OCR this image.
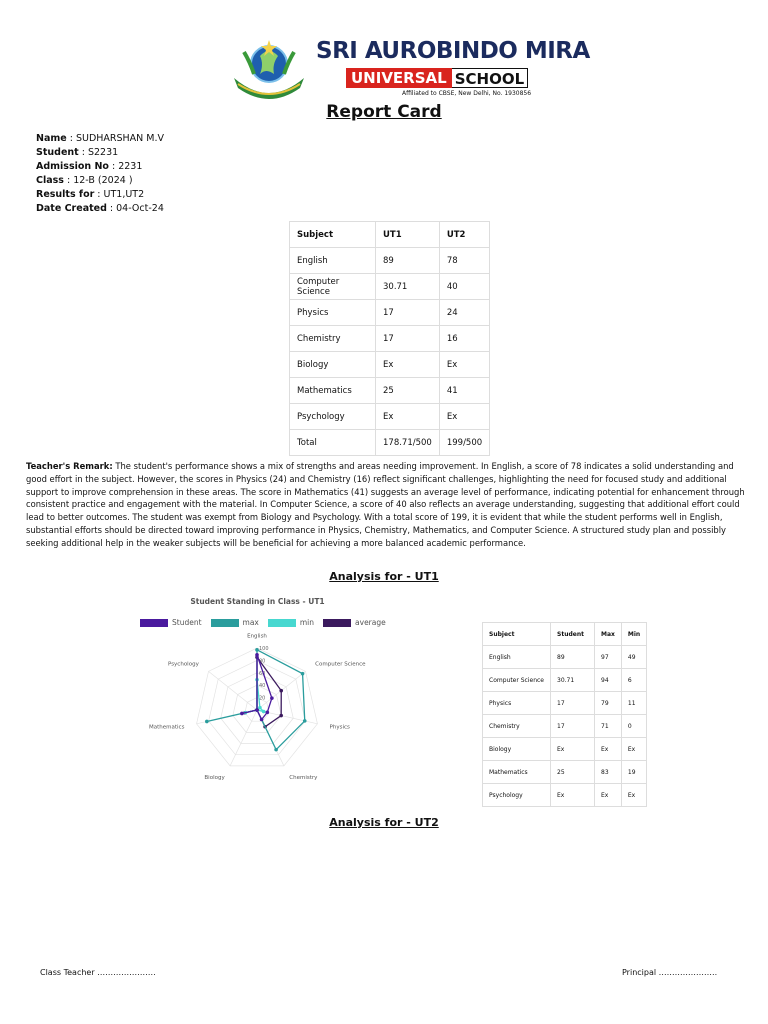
SRI AUROBINDO MIRA
UNIVERSAL SCHOOL
Affiliated to CBSE, New Delhi, No. 1930856
Report Card
Name : SUDHARSHAN M.V
Student : S2231
Admission No : 2231
Class : 12-B (2024 )
Results for : UT1,UT2
Date Created : 04-Oct-24
Subject	UT1	UT2
English	89	78
Computer Science	30.71	40
Physics	17	24
Chemistry	17	16
Biology	Ex	Ex
Mathematics	25	41
Psychology	Ex	Ex
Total	178.71/500	199/500
Teacher's Remark: The student's performance shows a mix of strengths and areas needing improvement. In English, a score of 78 indicates a solid understanding and good effort in the subject. However, the scores in Physics (24) and Chemistry (16) reflect significant challenges, highlighting the need for focused study and additional support to improve comprehension in these areas. The score in Mathematics (41) suggests an average level of performance, indicating potential for enhancement through consistent practice and engagement with the material. In Computer Science, a score of 40 also reflects an average understanding, suggesting that additional effort could lead to better outcomes. The student was exempt from Biology and Psychology. With a total score of 199, it is evident that while the student performs well in English, substantial efforts should be directed toward improving performance in Physics, Chemistry, Mathematics, and Computer Science. A structured study plan and possibly seeking additional help in the weaker subjects will be beneficial for achieving a more balanced academic performance.
Analysis for - UT1
Student Standing in Class - UT1
Student	max	min	average
English
Computer Science
Physics
Chemistry
Biology
Mathematics
Psychology
100
80
60
40
20
Subject	Student	Max	Min
English	89	97	49
Computer Science	30.71	94	6
Physics	17	79	11
Chemistry	17	71	0
Biology	Ex	Ex	Ex
Mathematics	25	83	19
Psychology	Ex	Ex	Ex
Analysis for - UT2
Class Teacher ………………….	Principal ………………….
